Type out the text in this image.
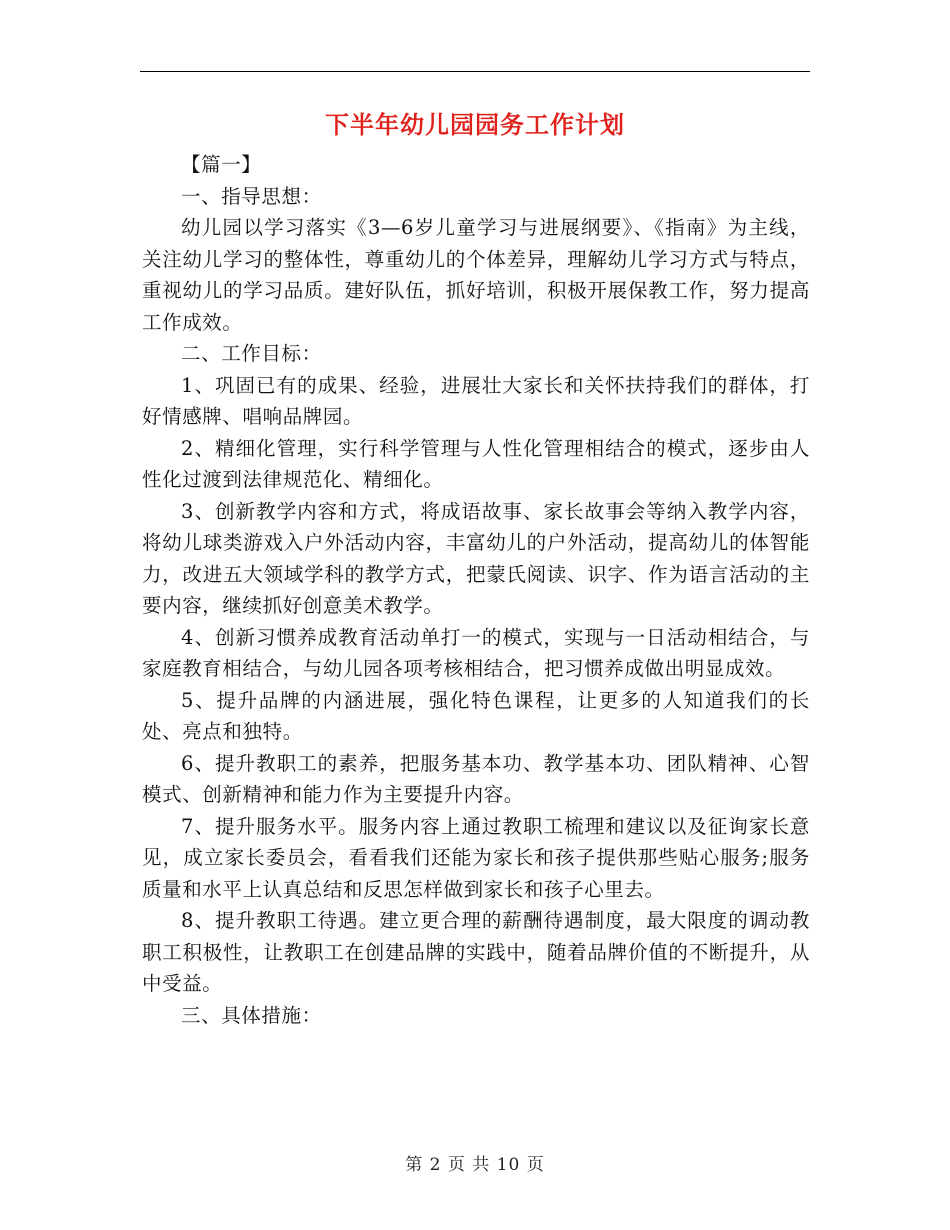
下半年幼儿园园务工作计划

【篇一】

一、指导思想：

幼儿园以学习落实《3—6岁儿童学习与进展纲要》、《指南》为主线，关注幼儿学习的整体性，尊重幼儿的个体差异，理解幼儿学习方式与特点，重视幼儿的学习品质。建好队伍，抓好培训，积极开展保教工作，努力提高工作成效。

二、工作目标：

1、巩固已有的成果、经验，进展壮大家长和关怀扶持我们的群体，打好情感牌、唱响品牌园。

2、精细化管理，实行科学管理与人性化管理相结合的模式，逐步由人性化过渡到法律规范化、精细化。

3、创新教学内容和方式，将成语故事、家长故事会等纳入教学内容，将幼儿球类游戏入户外活动内容，丰富幼儿的户外活动，提高幼儿的体智能力，改进五大领域学科的教学方式，把蒙氏阅读、识字、作为语言活动的主要内容，继续抓好创意美术教学。

4、创新习惯养成教育活动单打一的模式，实现与一日活动相结合，与家庭教育相结合，与幼儿园各项考核相结合，把习惯养成做出明显成效。

5、提升品牌的内涵进展，强化特色课程，让更多的人知道我们的长处、亮点和独特。

6、提升教职工的素养，把服务基本功、教学基本功、团队精神、心智模式、创新精神和能力作为主要提升内容。

7、提升服务水平。服务内容上通过教职工梳理和建议以及征询家长意见，成立家长委员会，看看我们还能为家长和孩子提供那些贴心服务;服务质量和水平上认真总结和反思怎样做到家长和孩子心里去。

8、提升教职工待遇。建立更合理的薪酬待遇制度，最大限度的调动教职工积极性，让教职工在创建品牌的实践中，随着品牌价值的不断提升，从中受益。

三、具体措施：

第 2 页 共 10 页
